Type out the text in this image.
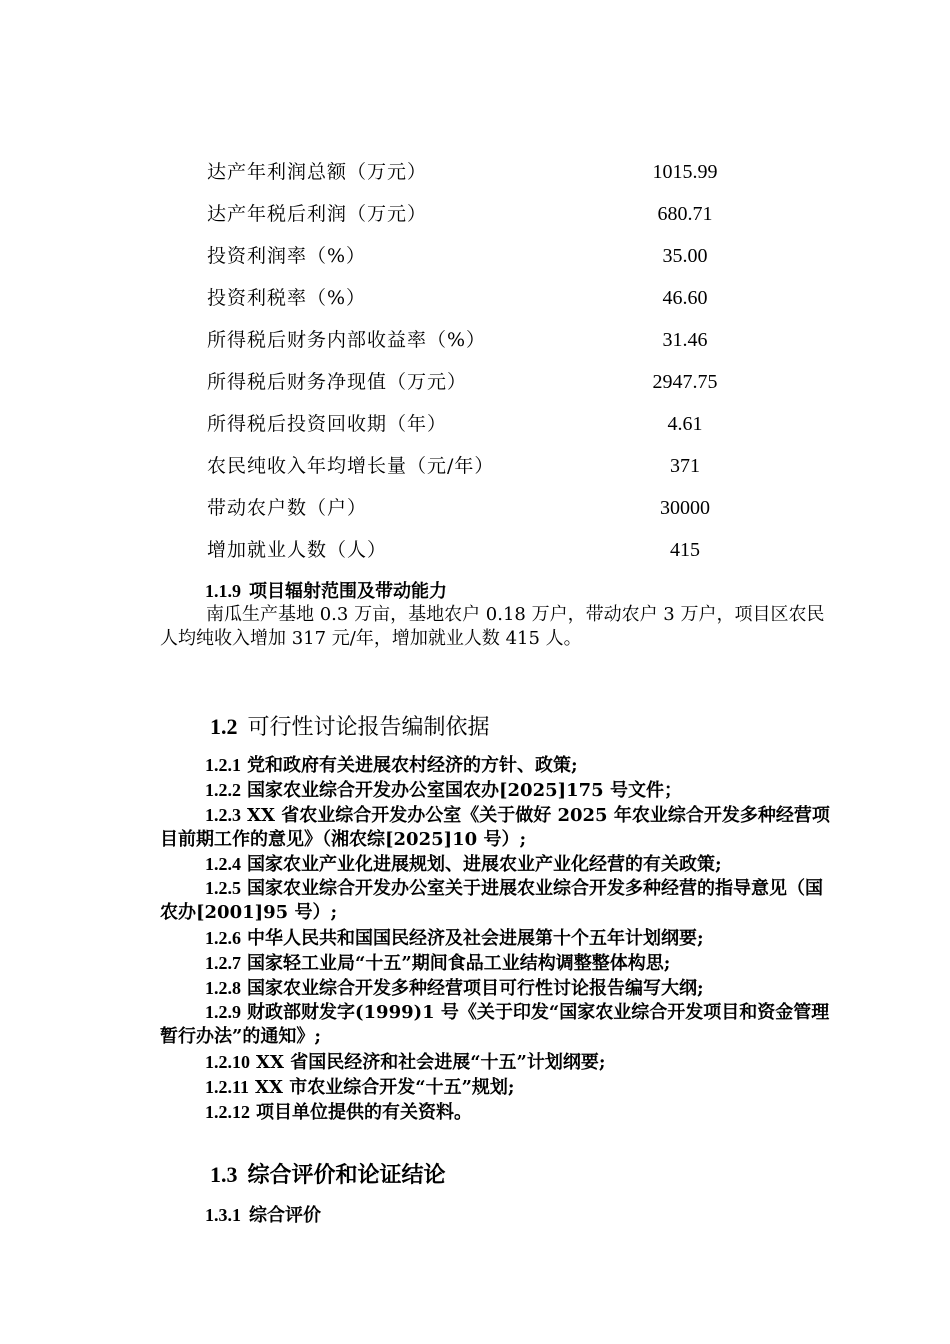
达产年利润总额（万元）	1015.99
达产年税后利润（万元）	680.71
投资利润率（%）	35.00
投资利税率（%）	46.60
所得税后财务内部收益率（%）	31.46
所得税后财务净现值（万元）	2947.75
所得税后投资回收期（年）	4.61
农民纯收入年均增长量（元/年）	371
带动农户数（户）	30000
增加就业人数（人）	415
1.1.9 项目辐射范围及带动能力
南瓜生产基地 0.3 万亩，基地农户 0.18 万户，带动农户 3 万户，项目区农民人均纯收入增加 317 元/年，增加就业人数 415 人。
1.2 可行性讨论报告编制依据
1.2.1 党和政府有关进展农村经济的方针、政策;
1.2.2 国家农业综合开发办公室国农办[2025]175 号文件；
1.2.3 XX 省农业综合开发办公室《关于做好 2025 年农业综合开发多种经营项目前期工作的意见》（湘农综[2025]10 号）;
1.2.4 国家农业产业化进展规划、进展农业产业化经营的有关政策;
1.2.5 国家农业综合开发办公室关于进展农业综合开发多种经营的指导意见（国农办[2001]95 号）;
1.2.6 中华人民共和国国民经济及社会进展第十个五年计划纲要;
1.2.7 国家轻工业局“十五”期间食品工业结构调整整体构思;
1.2.8 国家农业综合开发多种经营项目可行性讨论报告编写大纲;
1.2.9 财政部财发字(1999)1 号《关于印发“国家农业综合开发项目和资金管理暂行办法”的通知》;
1.2.10 XX 省国民经济和社会进展“十五”计划纲要;
1.2.11 XX 市农业综合开发“十五”规划;
1.2.12 项目单位提供的有关资料。
1.3 综合评价和论证结论
1.3.1 综合评价
